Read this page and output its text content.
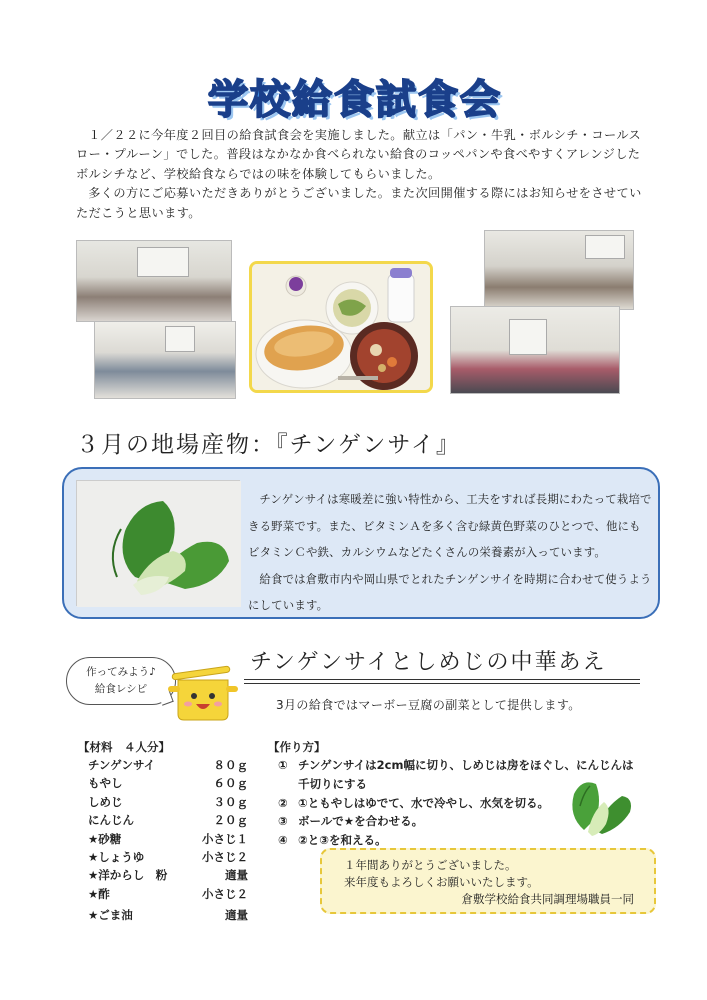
学校給食試食会

１／２２に今年度２回目の給食試食会を実施しました。献立は「パン・牛乳・ボルシチ・コールスロー・プルーン」でした。普段はなかなか食べられない給食のコッペパンや食べやすくアレンジしたボルシチなど、学校給食ならではの味を体験してもらいました。

多くの方にご応募いただきありがとうございました。また次回開催する際にはお知らせをさせていただこうと思います。

３月の地場産物：『チンゲンサイ』

チンゲンサイは寒暖差に強い特性から、工夫をすれば長期にわたって栽培できる野菜です。また、ビタミンＡを多く含む緑黄色野菜のひとつで、他にもビタミンＣや鉄、カルシウムなどたくさんの栄養素が入っています。

給食では倉敷市内や岡山県でとれたチンゲンサイを時期に合わせて使うようにしています。

作ってみよう♪
給食レシピ
チンゲンサイとしめじの中華あえ
3月の給食ではマーボー豆腐の副菜として提供します。
【材料　４人分】
チンゲンサイ	８０ｇ
もやし	６０ｇ
しめじ	３０ｇ
にんじん	２０ｇ
★砂糖	小さじ１
★しょうゆ	小さじ２
★洋からし　粉	適量
★酢	小さじ２
★ごま油	適量
【作り方】
① チンゲンサイは2cm幅に切り、しめじは房をほぐし、にんじんは千切りにする
② ①ともやしはゆでて、水で冷やし、水気を切る。
③ ボールで★を合わせる。
④ ②と③を和える。
１年間ありがとうございました。
来年度もよろしくお願いいたします。
倉敷学校給食共同調理場職員一同
